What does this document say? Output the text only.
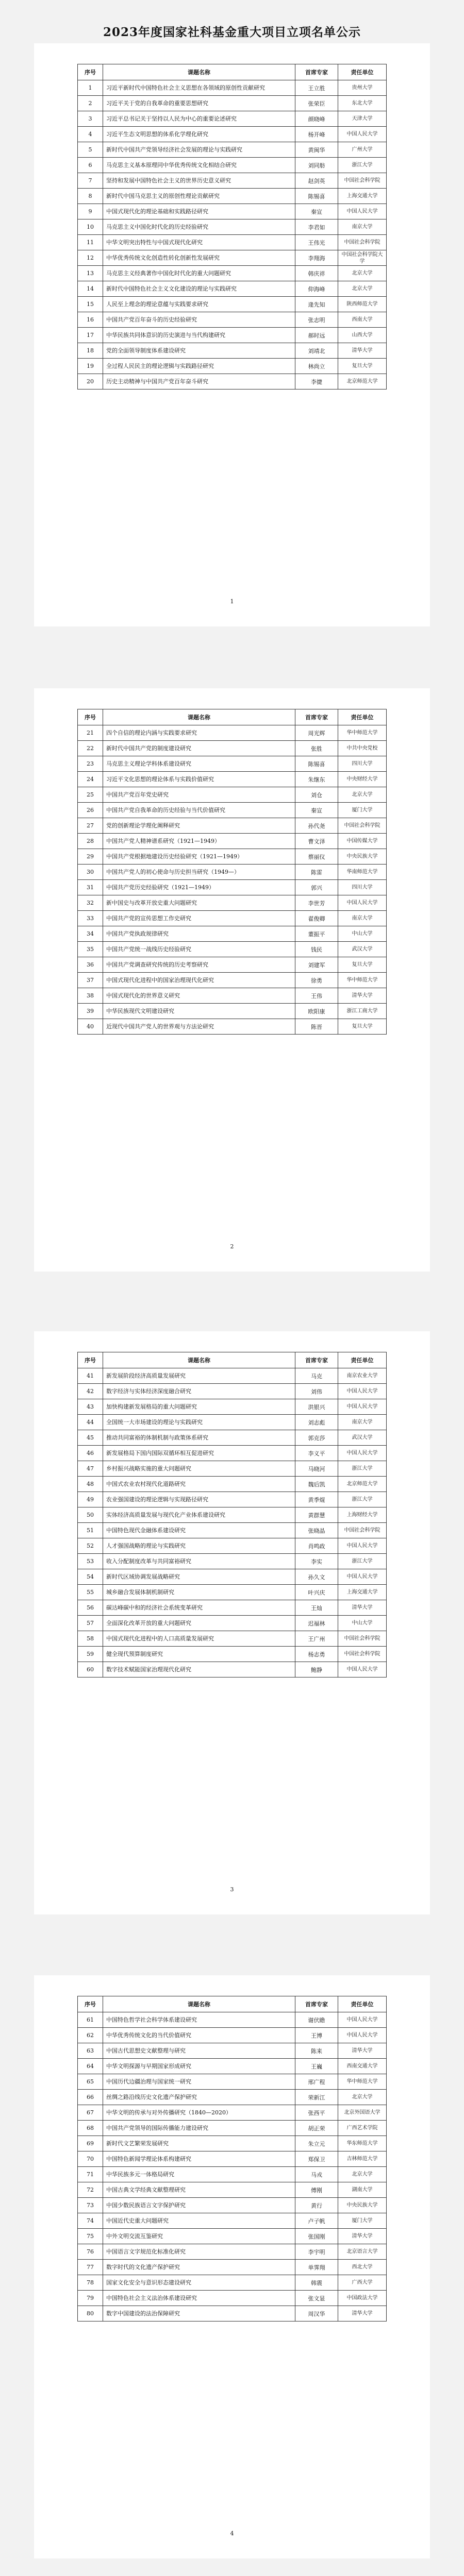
2023年度国家社科基金重大项目立项名单公示
序号	课题名称	首席专家	责任单位
1	习近平新时代中国特色社会主义思想在各领域的原创性贡献研究	王立胜	贵州大学
2	习近平关于党的自我革命的重要思想研究	张荣臣	东北大学
3	习近平总书记关于坚持以人民为中心的重要论述研究	颜晓峰	天津大学
4	习近平生态文明思想的体系化学理化研究	杨开峰	中国人民大学
5	新时代中国共产党领导经济社会发展的理论与实践研究	黄闽华	广州大学
6	马克思主义基本原理同中华优秀传统文化相结合研究	刘同舫	浙江大学
7	坚持和发展中国特色社会主义的世界历史意义研究	赵剑英	中国社会科学院
8	新时代中国马克思主义的原创性理论贡献研究	陈锡喜	上海交通大学
9	中国式现代化的理论基础和实践路径研究	秦宣	中国人民大学
10	马克思主义中国化时代化的历史经验研究	李君如	南京大学
11	中华文明突出特性与中国式现代化研究	王伟光	中国社会科学院
12	中华优秀传统文化创造性转化创新性发展研究	李翔海	中国社会科学院大学
13	马克思主义经典著作中国化时代化的重大问题研究	韩庆祥	北京大学
14	新时代中国特色社会主义文化建设的理论与实践研究	仰海峰	北京大学
15	人民至上理念的理论意蕴与实践要求研究	逄先知	陕西师范大学
16	中国共产党百年奋斗的历史经验研究	张志明	西南大学
17	中华民族共同体意识的历史演进与当代构建研究	郝时远	山西大学
18	党的全面领导制度体系建设研究	刘靖北	清华大学
19	全过程人民民主的理论逻辑与实践路径研究	林尚立	复旦大学
20	历史主动精神与中国共产党百年奋斗研究	李捷	北京师范大学
1
序号	课题名称	首席专家	责任单位
21	四个自信的理论内涵与实践要求研究	周光辉	华中师范大学
22	新时代中国共产党的制度建设研究	张胜	中共中央党校
23	马克思主义理论学科体系建设研究	陈锡喜	四川大学
24	习近平文化思想的理论体系与实践价值研究	朱继东	中央财经大学
25	中国共产党百年党史研究	刘仓	北京大学
26	中国共产党自我革命的历史经验与当代价值研究	秦宣	厦门大学
27	党的创新理论学理化阐释研究	孙代尧	中国社会科学院
28	中国共产党人精神谱系研究（1921—1949）	曹文泽	中国传媒大学
29	中国共产党根据地建设历史经验研究（1921—1949）	蔡丽仪	中央民族大学
30	中国共产党人的初心使命与历史担当研究（1949—）	陈雷	华南师范大学
31	中国共产党历史经验研究（1921—1949）	郭兴	四川大学
32	新中国史与改革开放史重大问题研究	李世芳	中国人民大学
33	中国共产党的宣传思想工作史研究	翟俊卿	南京大学
34	中国共产党执政规律研究	董振平	中山大学
35	中国共产党统一战线历史经验研究	钱民	武汉大学
36	中国共产党调查研究传统的历史考察研究	刘建军	复旦大学
37	中国式现代化进程中的国家治理现代化研究	徐勇	华中师范大学
38	中国式现代化的世界意义研究	王伟	清华大学
39	中华民族现代文明建设研究	欧阳康	浙江工商大学
40	近现代中国共产党人的世界观与方法论研究	陈晋	复旦大学
2
序号	课题名称	首席专家	责任单位
41	新发展阶段经济高质量发展研究	马克	南京农业大学
42	数字经济与实体经济深度融合研究	刘伟	中国人民大学
43	加快构建新发展格局的重大问题研究	洪银兴	中国人民大学
44	全国统一大市场建设的理论与实践研究	刘志彪	南京大学
45	推动共同富裕的体制机制与政策体系研究	郭克莎	武汉大学
46	新发展格局下国内国际双循环相互促进研究	李义平	中国人民大学
47	乡村振兴战略实施的重大问题研究	马晓河	浙江大学
48	中国式农业农村现代化道路研究	魏后凯	北京师范大学
49	农业强国建设的理论逻辑与实现路径研究	黄季焜	浙江大学
50	实体经济高质量发展与现代化产业体系建设研究	黄群慧	上海财经大学
51	中国特色现代金融体系建设研究	张晓晶	中国社会科学院
52	人才强国战略的理论与实践研究	肖鸣政	中国人民大学
53	收入分配制度改革与共同富裕研究	李实	浙江大学
54	新时代区域协调发展战略研究	孙久文	中国人民大学
55	城乡融合发展体制机制研究	叶兴庆	上海交通大学
56	碳达峰碳中和的经济社会系统变革研究	王灿	清华大学
57	全面深化改革开放的重大问题研究	迟福林	中山大学
58	中国式现代化进程中的人口高质量发展研究	王广州	中国社会科学院
59	健全现代预算制度研究	杨志勇	中国社会科学院
60	数字技术赋能国家治理现代化研究	鲍静	中国人民大学
3
序号	课题名称	首席专家	责任单位
61	中国特色哲学社会科学体系建设研究	谢伏瞻	中国人民大学
62	中华优秀传统文化的当代价值研究	王博	中国人民大学
63	中国古代思想史文献整理与研究	陈来	清华大学
64	中华文明探源与早期国家形成研究	王巍	西南交通大学
65	中国历代边疆治理与国家统一研究	邢广程	华中师范大学
66	丝绸之路沿线历史文化遗产保护研究	荣新江	北京大学
67	中华文明的传承与对外传播研究（1840—2020）	张西平	北京外国语大学
68	中国共产党领导的国际传播能力建设研究	胡正荣	广西艺术学院
69	新时代文艺繁荣发展研究	朱立元	华东师范大学
70	中国特色新闻学理论体系构建研究	郑保卫	吉林师范大学
71	中华民族多元一体格局研究	马戎	北京大学
72	中国古典文学经典文献整理研究	傅刚	湖南大学
73	中国少数民族语言文字保护研究	黄行	中央民族大学
74	中国近代史重大问题研究	卢子帆	厦门大学
75	中外文明交流互鉴研究	张国刚	清华大学
76	中国语言文字规范化标准化研究	李宇明	北京语言大学
77	数字时代的文化遗产保护研究	单霁翔	西北大学
78	国家文化安全与意识形态建设研究	韩震	广西大学
79	中国特色社会主义法治体系建设研究	张文显	中国政法大学
80	数字中国建设的法治保障研究	周汉华	清华大学
4
